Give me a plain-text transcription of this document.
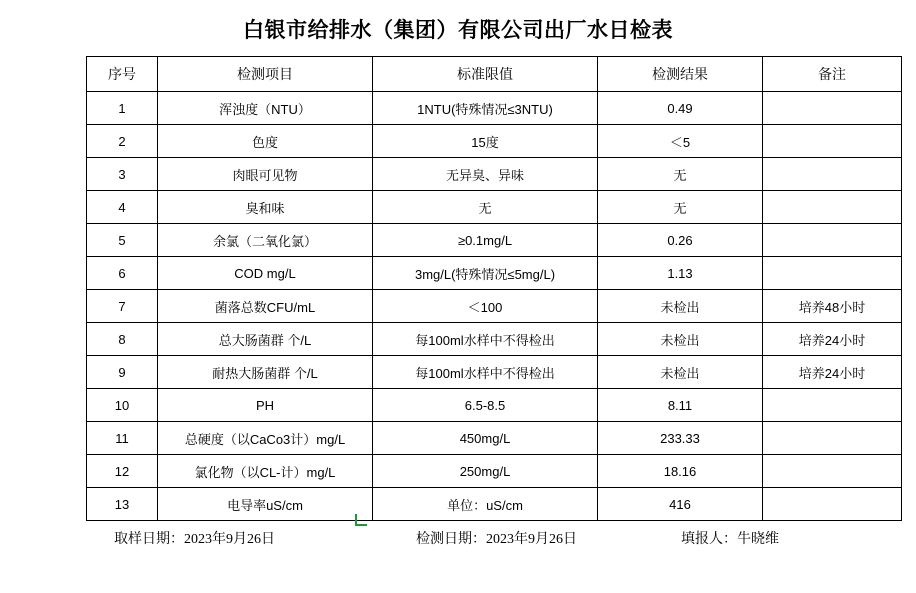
白银市给排水（集团）有限公司出厂水日检表
序号	检测项目	标准限值	检测结果	备注
1	浑浊度（NTU）	1NTU(特殊情况≤3NTU)	0.49	
2	色度	15度	＜5	
3	肉眼可见物	无异臭、异味	无	
4	臭和味	无	无	
5	余氯（二氧化氯）	≥0.1mg/L	0.26	
6	COD mg/L	3mg/L(特殊情况≤5mg/L)	1.13	
7	菌落总数CFU/mL	＜100	未检出	培养48小时
8	总大肠菌群 个/L	每100ml水样中不得检出	未检出	培养24小时
9	耐热大肠菌群 个/L	每100ml水样中不得检出	未检出	培养24小时
10	PH	6.5-8.5	8.11	
11	总硬度（以CaCo3计）mg/L	450mg/L	233.33	
12	氯化物（以CL-计）mg/L	250mg/L	18.16	
13	电导率uS/cm	单位：uS/cm	416	
取样日期：2023年9月26日	检测日期：2023年9月26日	填报人：牛晓维
